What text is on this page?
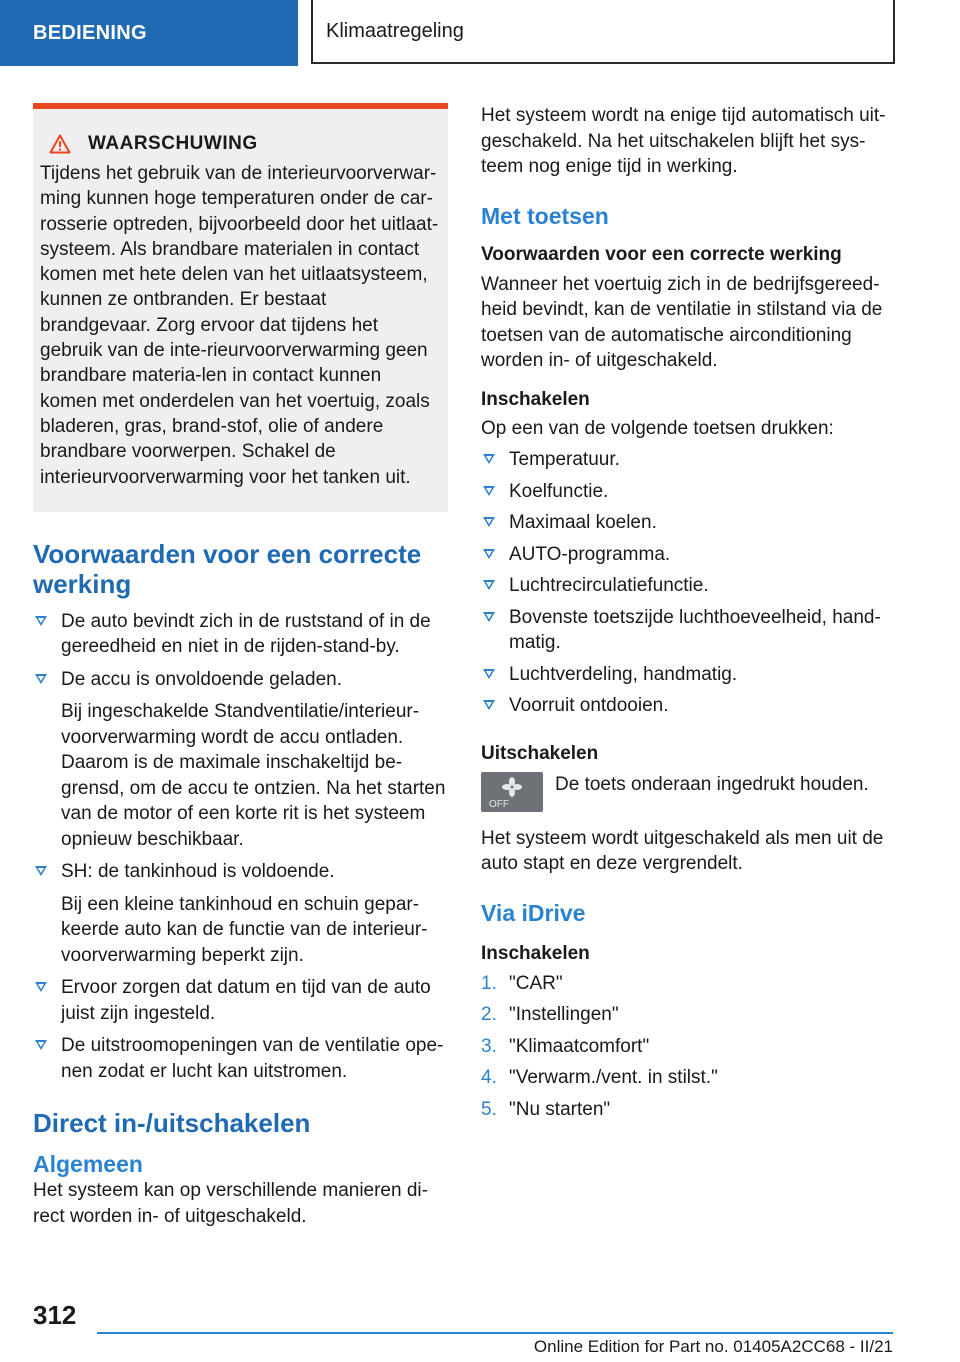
BEDIENING	Klimaatregeling
WAARSCHUWING

Tijdens het gebruik van de interieurvoorverwar-ming kunnen hoge temperaturen onder de car-rosserie optreden, bijvoorbeeld door het uitlaat-systeem. Als brandbare materialen in contact komen met hete delen van het uitlaatsysteem, kunnen ze ontbranden. Er bestaat brandgevaar. Zorg ervoor dat tijdens het gebruik van de inte-rieurvoorverwarming geen brandbare materia-len in contact kunnen komen met onderdelen van het voertuig, zoals bladeren, gras, brand-stof, olie of andere brandbare voorwerpen. Schakel de interieurvoorverwarming voor het tanken uit.

Voorwaarden voor een correcte werking
De auto bevindt zich in de ruststand of in de gereedheid en niet in de rijden-stand-by.
De accu is onvoldoende geladen.
Bij ingeschakelde Standventilatie/interieur-voorverwarming wordt de accu ontladen. Daarom is de maximale inschakeltijd be-grensd, om de accu te ontzien. Na het starten van de motor of een korte rit is het systeem opnieuw beschikbaar.
SH: de tankinhoud is voldoende.
Bij een kleine tankinhoud en schuin gepar-keerde auto kan de functie van de interieur-voorverwarming beperkt zijn.
Ervoor zorgen dat datum en tijd van de auto juist zijn ingesteld.
De uitstroomopeningen van de ventilatie ope-nen zodat er lucht kan uitstromen.
Direct in-/uitschakelen
Algemeen

Het systeem kan op verschillende manieren di-rect worden in- of uitgeschakeld.

Het systeem wordt na enige tijd automatisch uit-geschakeld. Na het uitschakelen blijft het sys-teem nog enige tijd in werking.

Met toetsen
Voorwaarden voor een correcte werking

Wanneer het voertuig zich in de bedrijfsgereed-heid bevindt, kan de ventilatie in stilstand via de toetsen van de automatische airconditioning worden in- of uitgeschakeld.

Inschakelen

Op een van de volgende toetsen drukken:

Temperatuur.
Koelfunctie.
Maximaal koelen.
AUTO-programma.
Luchtrecirculatiefunctie.
Bovenste toetszijde luchthoeveelheid, hand-matig.
Luchtverdeling, handmatig.
Voorruit ontdooien.
Uitschakelen
OFF

De toets onderaan ingedrukt houden.

Het systeem wordt uitgeschakeld als men uit de auto stapt en deze vergrendelt.

Via iDrive
Inschakelen
1. "CAR"
2. "Instellingen"
3. "Klimaatcomfort"
4. "Verwarm./vent. in stilst."
5. "Nu starten"
312
Online Edition for Part no. 01405A2CC68 - II/21
